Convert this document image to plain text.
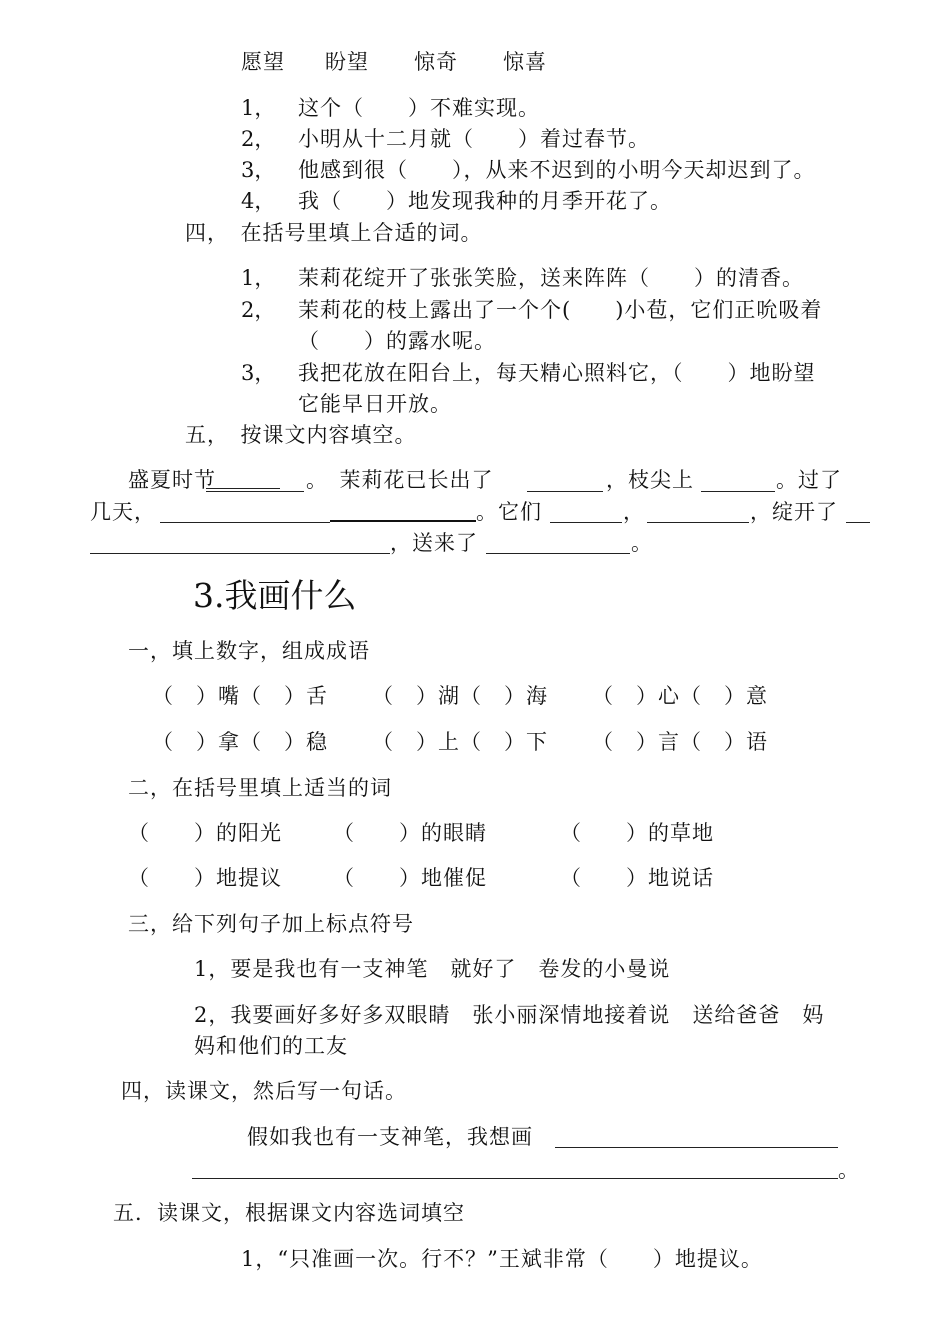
愿望 盼望 惊奇 惊喜
1， 这个（　　）不难实现。
2， 小明从十二月就（　　）着过春节。
3， 他感到很（　　），从来不迟到的小明今天却迟到了。
4， 我（　　）地发现我种的月季开花了。
四，　在括号里填上合适的词。
1， 茉莉花绽开了张张笑脸，送来阵阵（　　）的清香。
2， 茉莉花的枝上露出了一个个(　　)小苞，它们正吮吸着
（　　）的露水呢。
3， 我把花放在阳台上，每天精心照料它，（　　）地盼望
它能早日开放。
五，　按课文内容填空。
盛夏时节	。　茉莉花已长出了	，枝尖上	。过了
几天，	。它们	，	，绽开了
，送来了	。
3.我画什么
一，填上数字，组成成语
（　）嘴（　）舌 （　）湖（　）海 （　）心（　）意
（　）拿（　）稳 （　）上（　）下 （　）言（　）语
二，在括号里填上适当的词
（　　）的阳光 （　　）的眼睛	（　　）的草地
（　　）地提议 （　　）地催促	（　　）地说话
三，给下列句子加上标点符号
1，要是我也有一支神笔　就好了　卷发的小曼说
2，我要画好多好多双眼睛　张小丽深情地接着说　送给爸爸　妈
妈和他们的工友
四，读课文，然后写一句话。
假如我也有一支神笔，我想画
。
五．读课文，根据课文内容选词填空
1，“只准画一次。行不？”王斌非常（　　）地提议。
